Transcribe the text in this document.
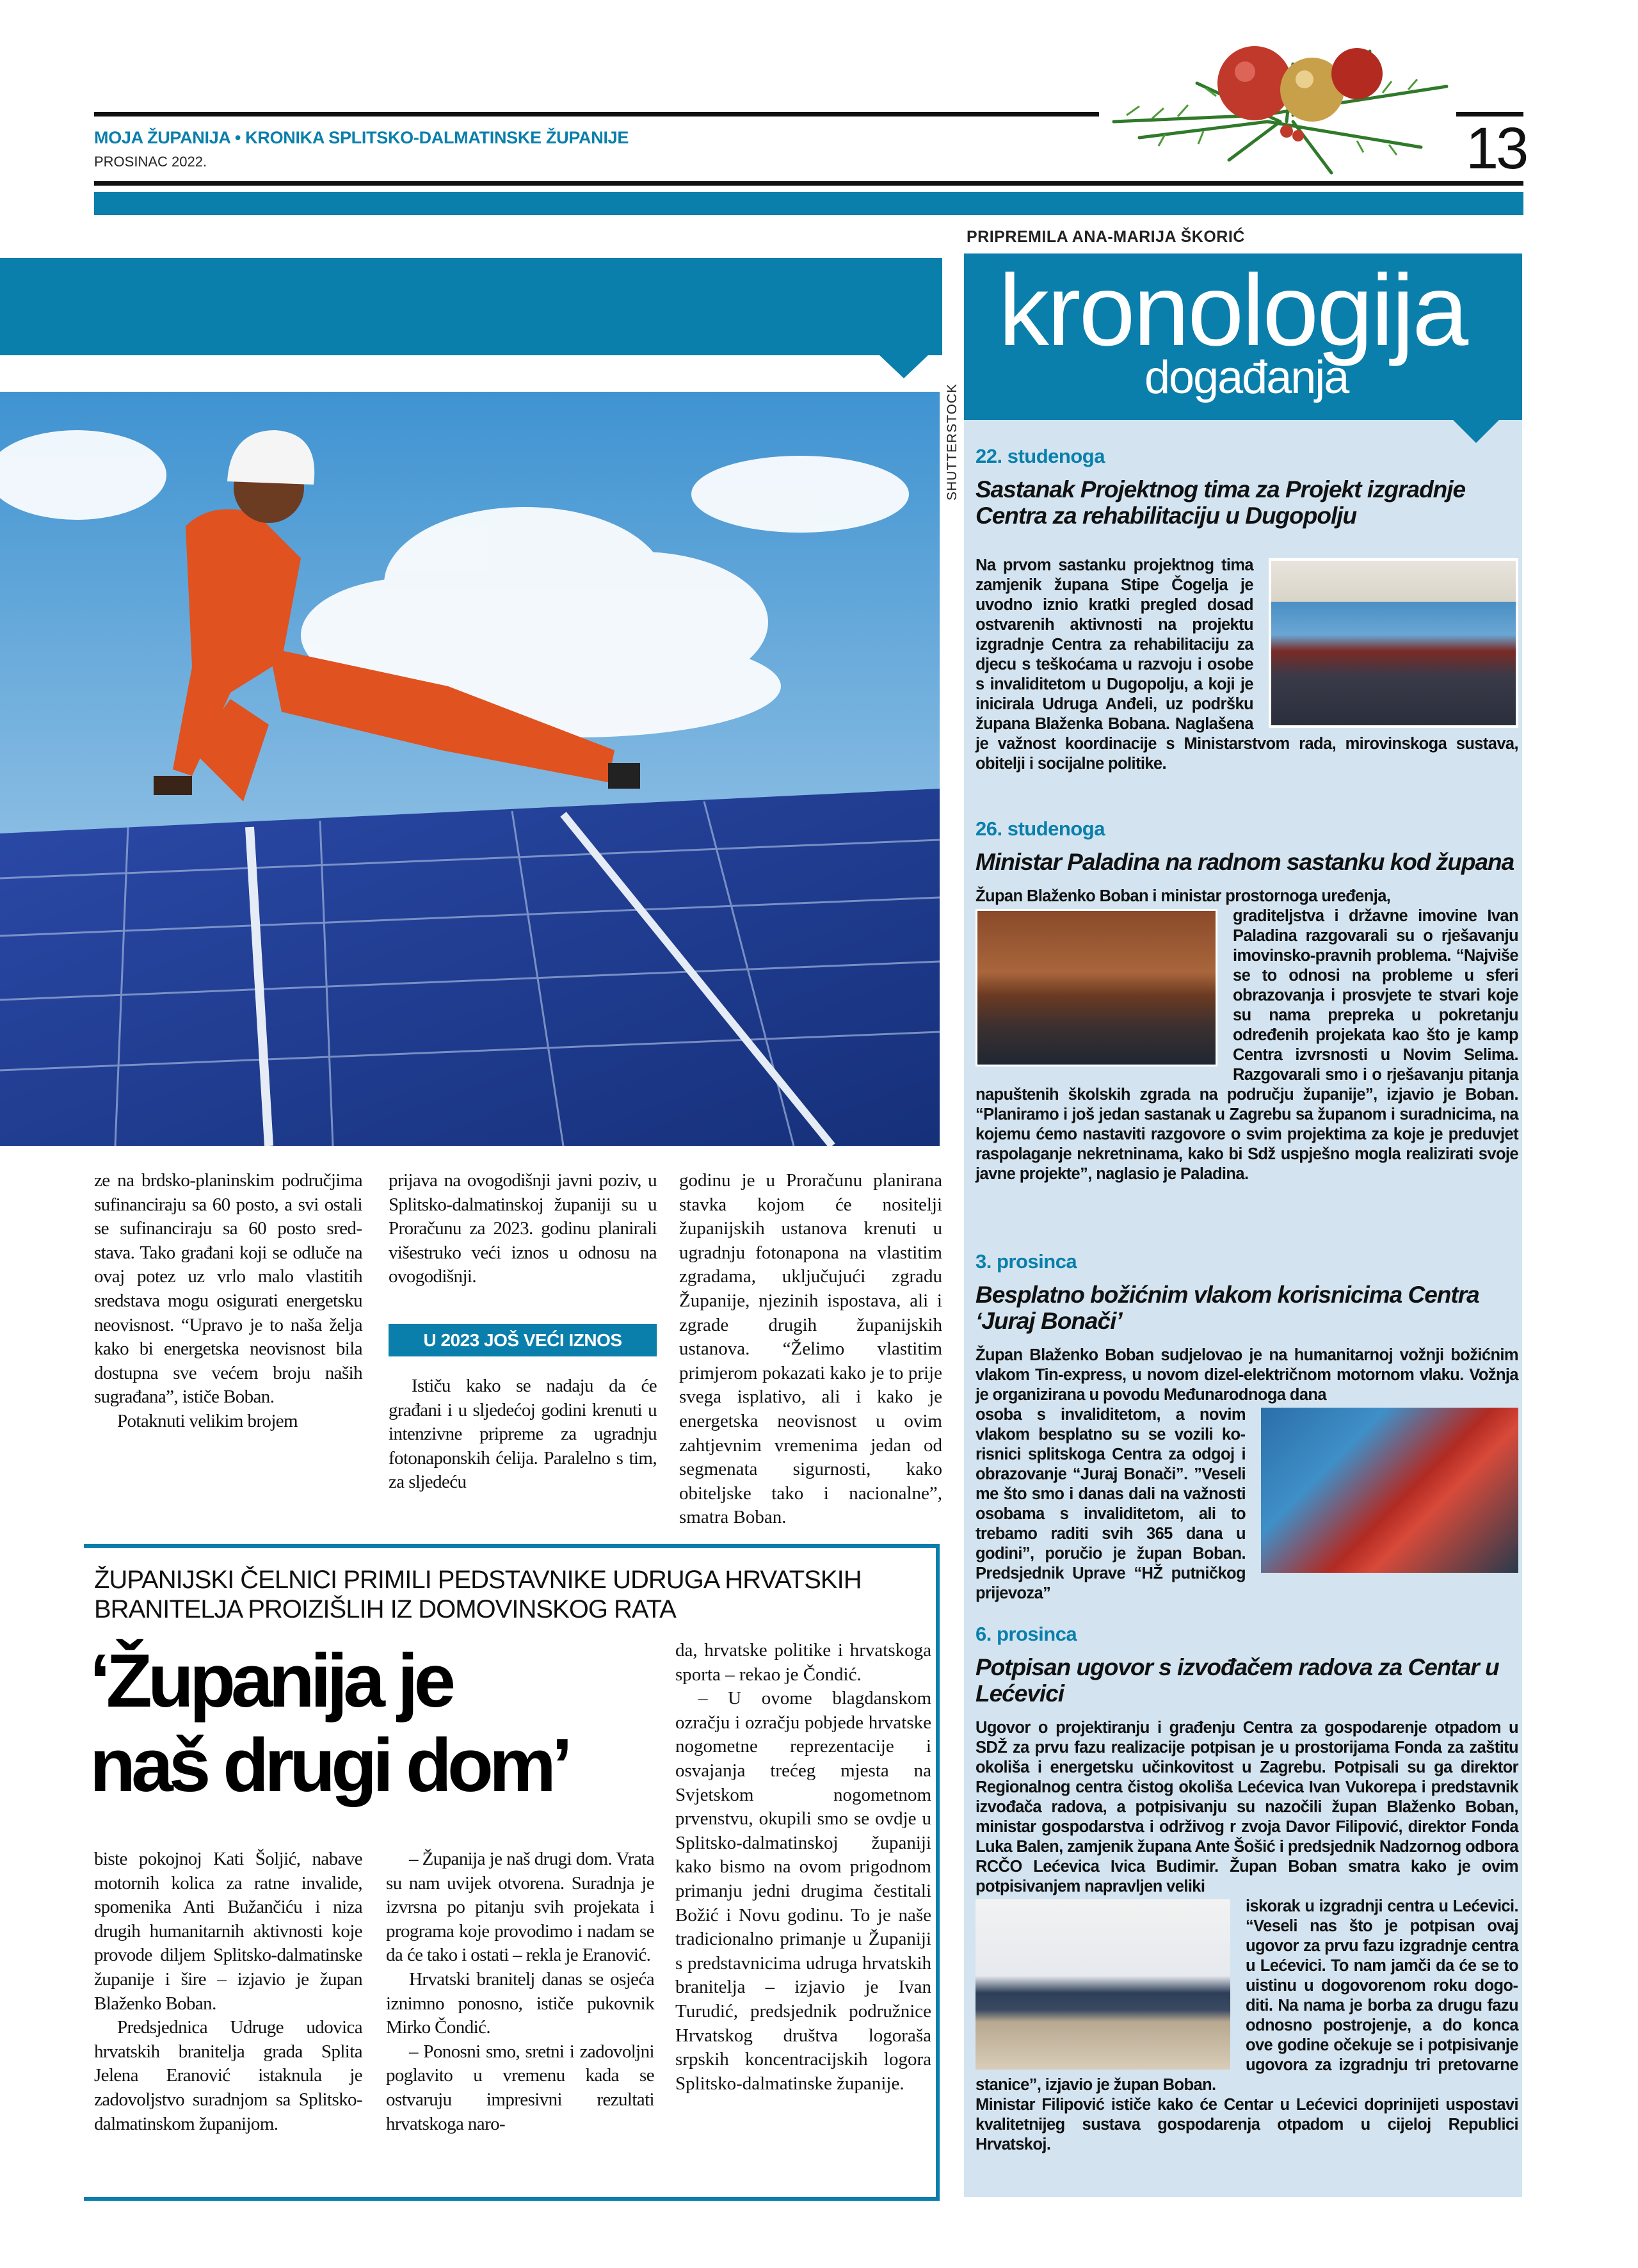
MOJA ŽUPANIJA • KRONIKA SPLITSKO-DALMATINSKE ŽUPANIJE
PROSINAC 2022.	13
PRIPREMILA ANA-MARIJA ŠKORIĆ
SHUTTERSTOCK

ze na brdsko-planinskim područjima sufinanciraju sa 60 posto, a svi ostali se sufinanciraju sa 60 posto sredstava. Tako građani koji se odluče na ovaj potez uz vrlo malo vlastitih sredstava mogu osigurati energetsku neovisnost. “Upravo je to naša želja kako bi energetska neovisnost bila dostupna sve većem broju naših sugrađana”, ističe Boban.

Potaknuti velikim brojem

prijava na ovogodišnji javni poziv, u Splitsko-dalmatinskoj županiji su u Proračunu za 2023. godinu planirali višestruko veći iznos u odnosu na ovogodišnji.

U 2023 JOŠ VEĆI IZNOS

Ističu kako se nadaju da će građani i u sljedećoj godini krenuti u intenzivne pripreme za ugradnju fotonaponskih ćelija. Paralelno s tim, za sljedeću

godinu je u Proračunu planirana stavka kojom će nositelji županijskih ustanova krenuti u ugradnju fotonapona na vlastitim zgradama, uključujući zgradu Županije, njezinih ispostava, ali i zgrade drugih županijskih ustanova. “Želimo vlastitim primjerom pokazati kako je to prije svega isplativo, ali i kako je energetska neovisnost u ovim zahtjevnim vremenima jedan od segmenata sigurnosti, kako obiteljske tako i nacionalne”, smatra Boban.

ŽUPANIJSKI ČELNICI PRIMILI PEDSTAVNIKE UDRUGA HRVATSKIH BRANITELJA PROIZIŠLIH IZ DOMOVINSKOG RATA
‘Županija je
naš drugi dom’

biste pokojnoj Kati Šoljić, nabave motornih kolica za ratne invalide, spomenika Anti Bužančiću i niza drugih humanitarnih aktivnosti koje provode diljem Splitsko-dalmatinske županije i šire – izjavio je župan Blaženko Boban.

Predsjednica Udruge udovica hrvatskih branitelja grada Splita Jelena Eranović istaknula je zadovoljstvo suradnjom sa Splitsko-dalmatinskom županijom.

– Županija je naš drugi dom. Vrata su nam uvijek otvorena. Suradnja je izvrsna po pitanju svih projekata i programa koje provodimo i nadam se da će tako i ostati – rekla je Eranović.

Hrvatski branitelj danas se osjeća iznimno ponosno, ističe pukovnik Mirko Čondić.

– Ponosni smo, sretni i zadovoljni poglavito u vremenu kada se ostvaruju impresivni rezultati hrvatskoga naro-

da, hrvatske politike i hrvatskoga sporta – rekao je Čondić.

– U ovome blagdanskom ozračju i ozračju pobjede hrvatske nogometne reprezentacije i osvajanja trećeg mjesta na Svjetskom nogometnom prvenstvu, okupili smo se ovdje u Splitsko-dalmatinskoj županiji kako bismo na ovom prigodnom primanju jedni drugima čestitali Božić i Novu godinu. To je naše tradicionalno primanje u Županiji s predstavnicima udruga hrvatskih branitelja – izjavio je Ivan Turudić, predsjednik podružnice Hrvatskog društva logoraša srpskih koncentracijskih logora Splitsko-dalmatinske županije.

kronologija
događanja
22. studenoga
Sastanak Projektnog tima za Projekt izgradnje Centra za rehabilitaciju u Dugopolju

Na prvom sastanku projektnog tima zamjenik župana Stipe Čogelja je uvodno iznio kratki pregled dosad ostvarenih aktivnosti na projektu izgradnje Centra za rehabilitaciju za djecu s teškoćama u razvoju i osobe s invaliditetom u Dugopolju, a koji je inicirala Udruga Anđeli, uz podršku župana Blaženka Bobana. Naglašena je važnost koordinacije s Ministarstvom rada, mirovinskoga sustava, obitelji i socijalne politike.

26. studenoga
Ministar Paladina na radnom sastanku kod župana

Župan Blaženko Boban i ministar prostornoga uređenja,

graditeljstva i državne imovine Ivan Paladina razgovarali su o rješavanju imovinsko-pravnih problema. “Najviše se to odnosi na probleme u sferi obrazovanja i prosvjete te stvari koje su nama prepreka u pokretanju određenih projekata kao što je kamp Centra izvrsnosti u Novim Selima. Razgovarali smo i o rješavanju pitanja napuštenih školskih zgrada na području županije”, izjavio je Boban. “Planiramo i još jedan sastanak u Zagrebu sa županom i suradnicima, na kojemu ćemo nastaviti razgovore o svim projektima za koje je preduvjet raspolaganje nekretninama, kako bi Sdž uspješno mogla realizirati svoje javne projekte”, naglasio je Paladina.

3. prosinca
Besplatno božićnim vlakom korisnicima Centra ‘Juraj Bonači’

Župan Blaženko Boban sudjelovao je na humanitarnoj vožnji božićnim vlakom Tin-express, u novom dizel-električnom motornom vlaku. Vožnja je organizirana u povodu Međunarodnoga dana

osoba s invaliditetom, a novim vlakom besplatno su se vozili korisnici splitskoga Centra za odgoj i obrazovanje “Juraj Bonači”. ”Veseli me što smo i danas dali na važnosti osobama s invaliditetom, ali to trebamo raditi svih 365 dana u godini”, poručio je župan Boban. Predsjednik Uprave “HŽ putničkog prijevoza”

6. prosinca
Potpisan ugovor s izvođačem radova za Centar u Lećevici

Ugovor o projektiranju i građenju Centra za gospodarenje otpadom u SDŽ za prvu fazu realizacije potpisan je u prostorijama Fonda za zaštitu okoliša i energetsku učinkovitost u Zagrebu. Potpisali su ga direktor Regionalnog centra čistog okoliša Lećevica Ivan Vukorepa i predstavnik izvođača radova, a potpisivanju su nazočili župan Blaženko Boban, ministar gospodarstva i održivog r zvoja Davor Filipović, direktor Fonda Luka Balen, zamjenik župana Ante Šošić i predsjednik Nadzornog odbora RCČO Lećevica Ivica Budimir. Župan Boban smatra kako je ovim potpisivanjem napravljen veliki

iskorak u izgradnji centra u Lećevici. “Veseli nas što je potpisan ovaj ugovor za prvu fazu izgradnje centra u Lećevici. To nam jamči da će se to uistinu u dogovorenom roku dogoditi. Na nama je borba za drugu fazu odnosno postrojenje, a do konca ove godine očekuje se i potpisivanje ugovora za izgradnju tri pretovarne stanice”, izjavio je župan Boban.

Ministar Filipović ističe kako će Centar u Lećevici doprinijeti uspostavi kvalitetnijeg sustava gospodarenja otpadom u cijeloj Republici Hrvatskoj.
